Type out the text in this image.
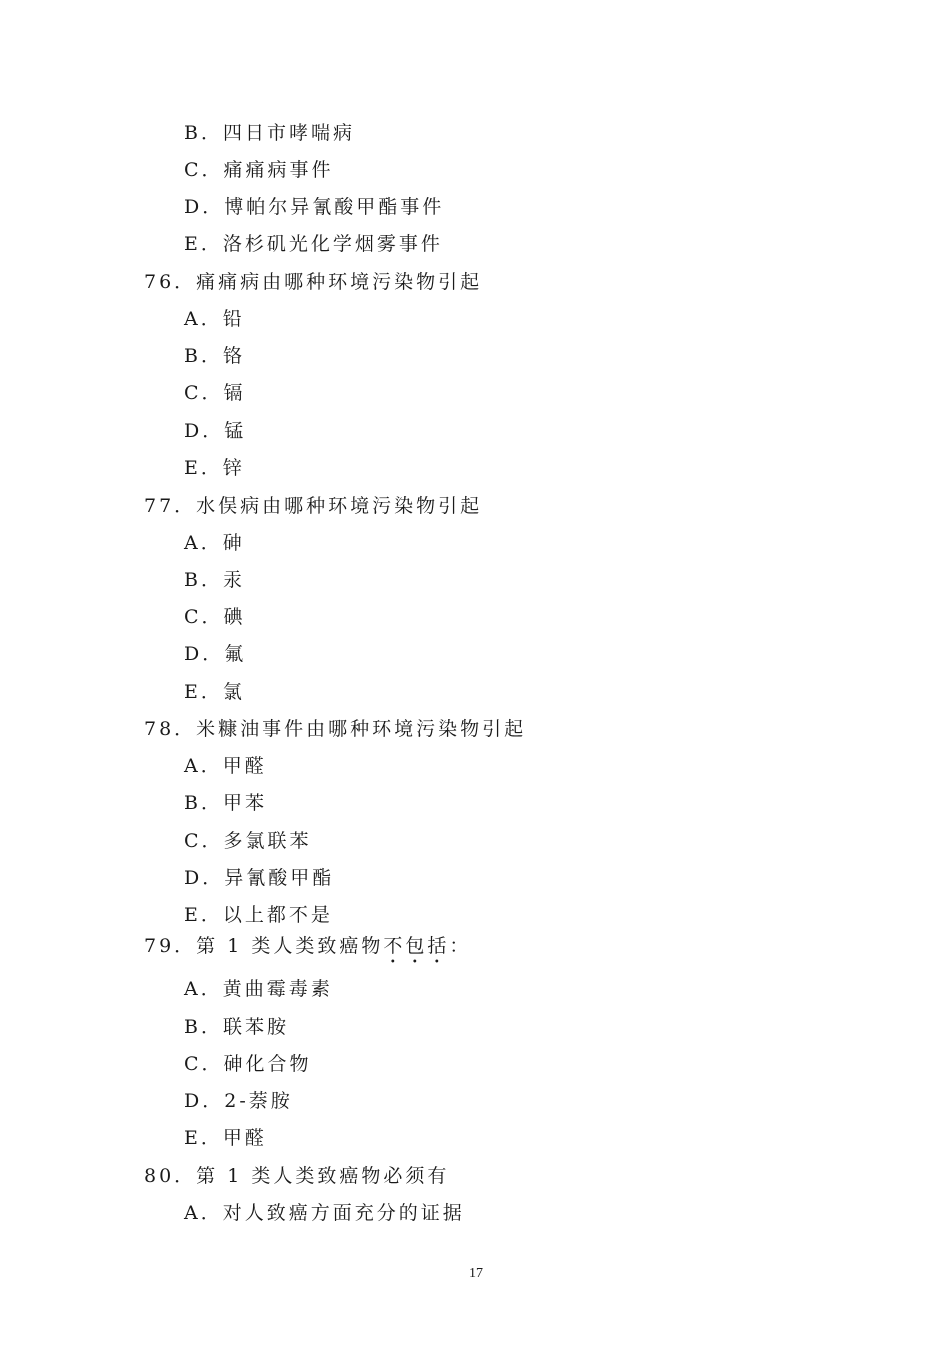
B．四日市哮喘病
C．痛痛病事件
D．博帕尔异氰酸甲酯事件
E．洛杉矶光化学烟雾事件
76．痛痛病由哪种环境污染物引起
A．铅
B．铬
C．镉
D．锰
E．锌
77．水俣病由哪种环境污染物引起
A．砷
B．汞
C．碘
D．氟
E．氯
78．米糠油事件由哪种环境污染物引起
A．甲醛
B．甲苯
C．多氯联苯
D．异氰酸甲酯
E．以上都不是
79．第 1 类人类致癌物不包括：
A．黄曲霉毒素
B．联苯胺
C．砷化合物
D．2-萘胺
E．甲醛
80．第 1 类人类致癌物必须有
A．对人致癌方面充分的证据
17
